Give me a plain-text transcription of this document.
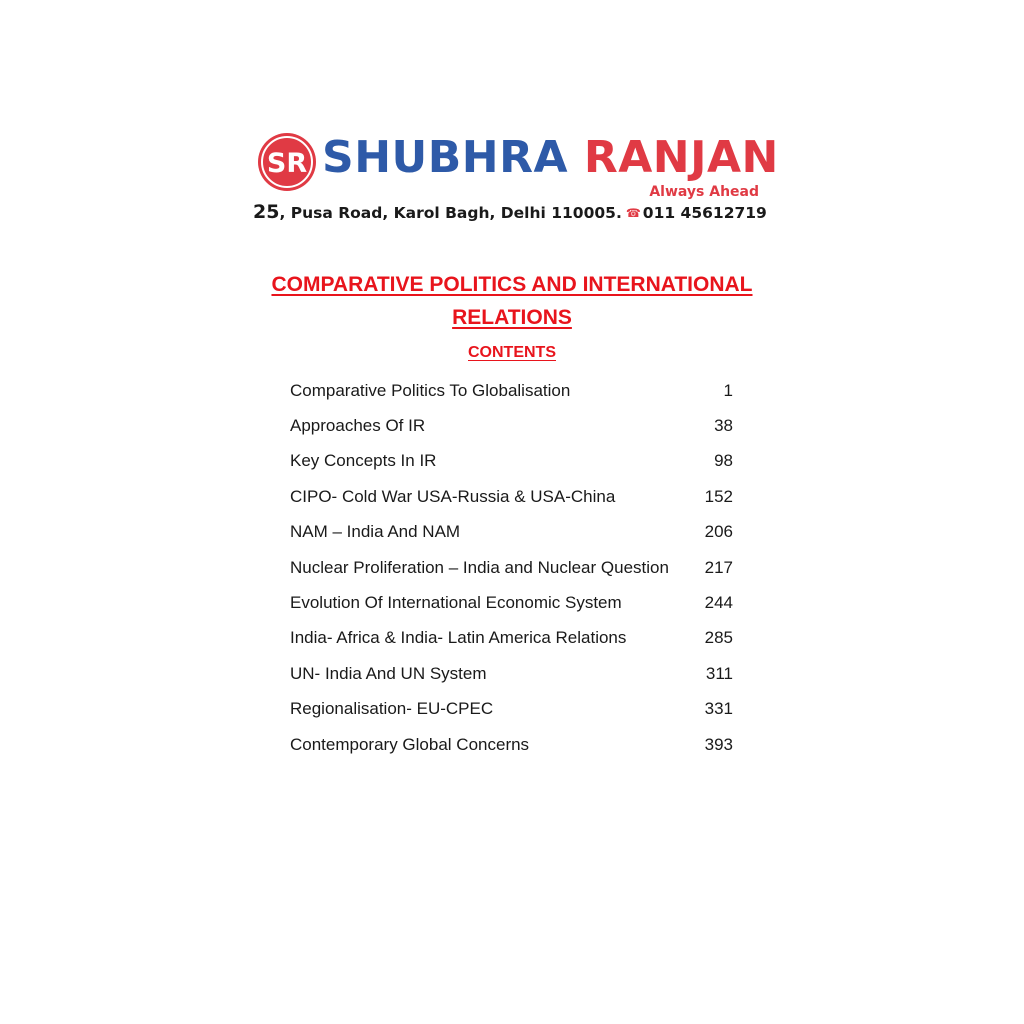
SR SHUBHRA RANJAN
Always Ahead
25, Pusa Road, Karol Bagh, Delhi 110005. ☎ 011 45612719
COMPARATIVE POLITICS AND INTERNATIONAL
RELATIONS
CONTENTS
Comparative Politics To Globalisation	1
Approaches Of IR	38
Key Concepts In IR	98
CIPO- Cold War USA-Russia & USA-China	152
NAM – India And NAM	206
Nuclear Proliferation – India and Nuclear Question	217
Evolution Of International Economic System	244
India- Africa & India- Latin America Relations	285
UN- India And UN System	311
Regionalisation- EU-CPEC	331
Contemporary Global Concerns	393
